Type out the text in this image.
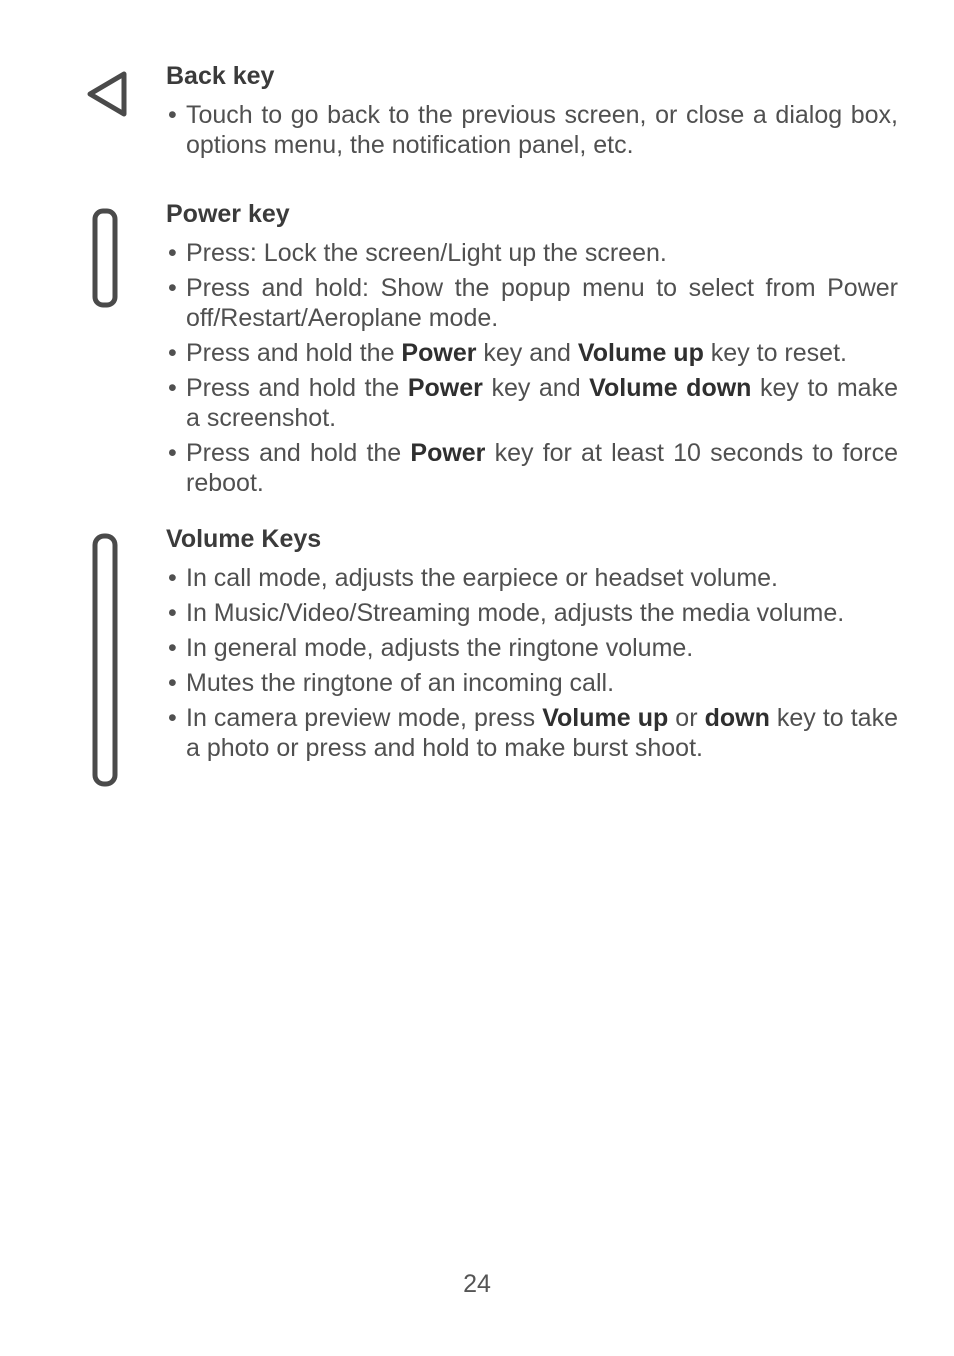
Back key
• Touch to go back to the previous screen, or close a dialog box, options menu, the notification panel, etc.
Power key
• Press: Lock the screen/Light up the screen.
• Press and hold: Show the popup menu to select from Power off/Restart/Aeroplane mode.
• Press and hold the Power key and Volume up key to reset.
• Press and hold the Power key and Volume down key to make a screenshot.
• Press and hold the Power key for at least 10 seconds to force reboot.
Volume Keys
• In call mode, adjusts the earpiece or headset volume.
• In Music/Video/Streaming mode, adjusts the media volume.
• In general mode, adjusts the ringtone volume.
• Mutes the ringtone of an incoming call.
• In camera preview mode, press Volume up or down key to take a photo or press and hold to make burst shoot.
24
